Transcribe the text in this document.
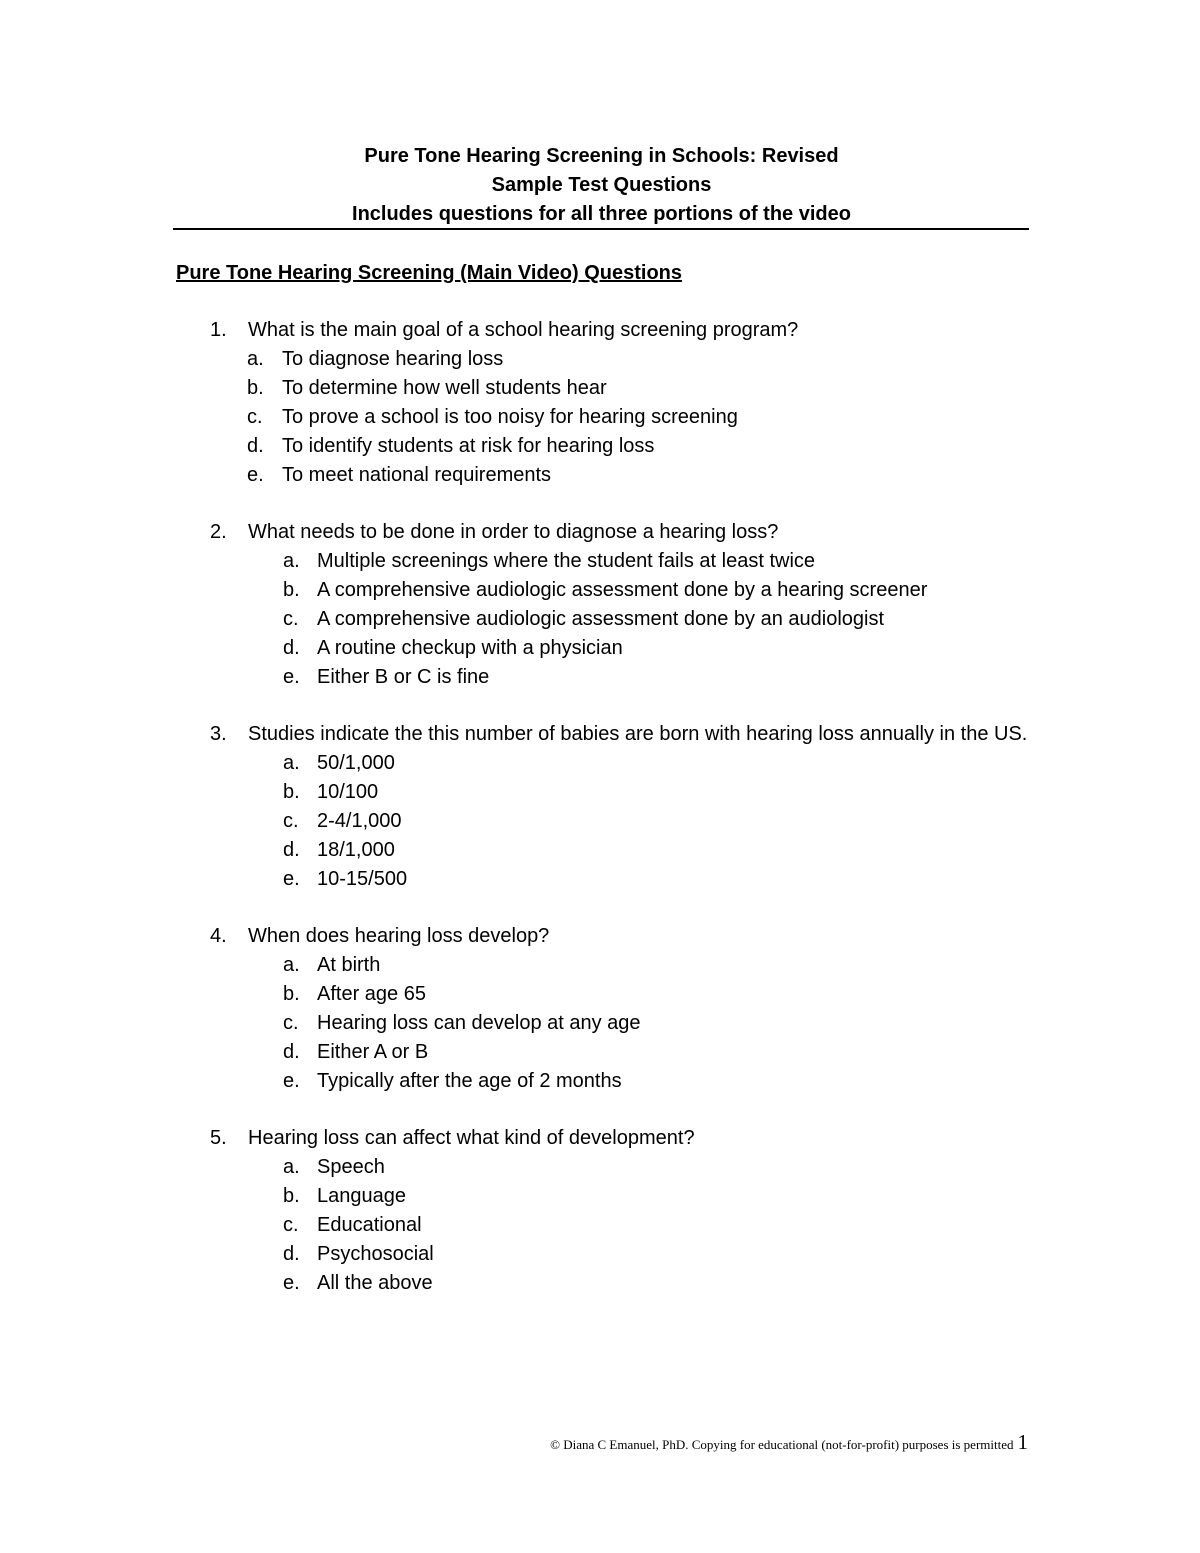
Pure Tone Hearing Screening in Schools: Revised
Sample Test Questions
Includes questions for all three portions of the video
Pure Tone Hearing Screening (Main Video) Questions
1. What is the main goal of a school hearing screening program?
a. To diagnose hearing loss
b. To determine how well students hear
c. To prove a school is too noisy for hearing screening
d. To identify students at risk for hearing loss
e. To meet national requirements
2. What needs to be done in order to diagnose a hearing loss?
a. Multiple screenings where the student fails at least twice
b. A comprehensive audiologic assessment done by a hearing screener
c. A comprehensive audiologic assessment done by an audiologist
d. A routine checkup with a physician
e. Either B or C is fine
3. Studies indicate the this number of babies are born with hearing loss annually in the US.
a. 50/1,000
b. 10/100
c. 2-4/1,000
d. 18/1,000
e. 10-15/500
4. When does hearing loss develop?
a. At birth
b. After age 65
c. Hearing loss can develop at any age
d. Either A or B
e. Typically after the age of 2 months
5. Hearing loss can affect what kind of development?
a. Speech
b. Language
c. Educational
d. Psychosocial
e. All the above
© Diana C Emanuel, PhD. Copying for educational (not-for-profit) purposes is permitted 1
